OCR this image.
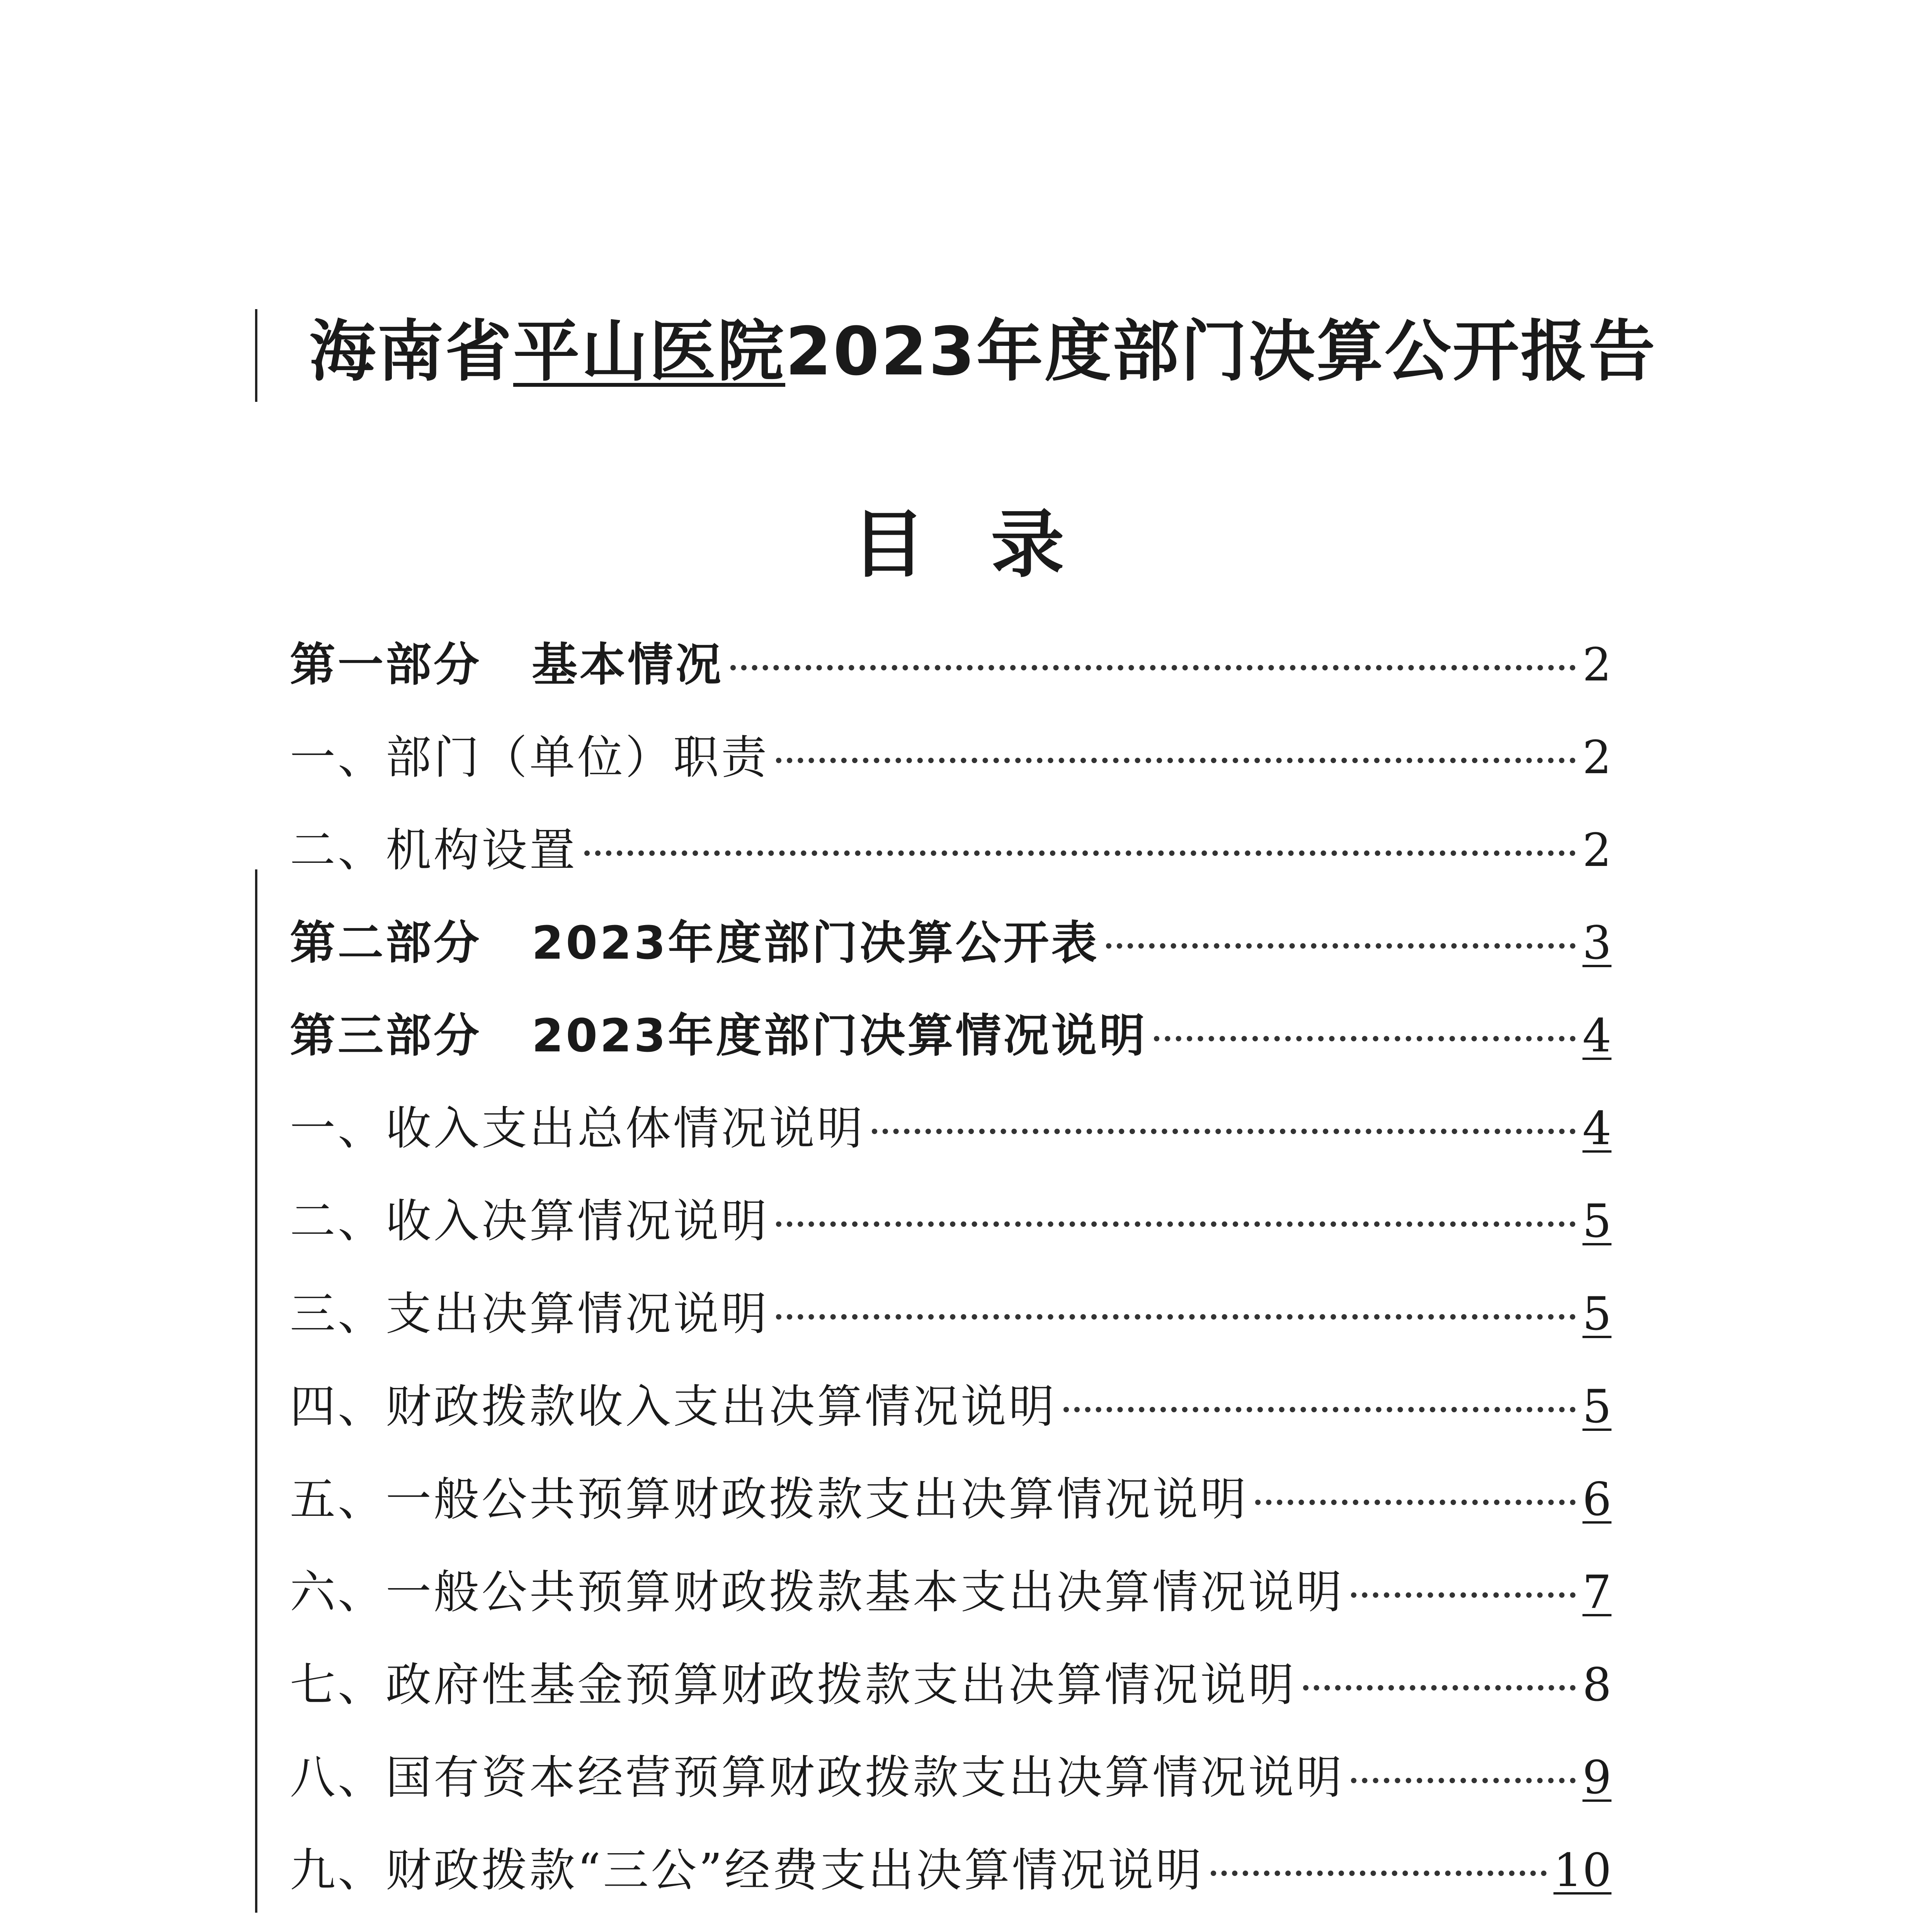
海南省平山医院2023年度部门决算公开报告
目录
第一部分 基本情况	2
一、部门（单位）职责	2
二、机构设置	2
第二部分 2023年度部门决算公开表	3
第三部分 2023年度部门决算情况说明	4
一、收入支出总体情况说明	4
二、收入决算情况说明	5
三、支出决算情况说明	5
四、财政拨款收入支出决算情况说明	5
五、一般公共预算财政拨款支出决算情况说明	6
六、一般公共预算财政拨款基本支出决算情况说明	7
七、政府性基金预算财政拨款支出决算情况说明	8
八、国有资本经营预算财政拨款支出决算情况说明	9
九、财政拨款“三公”经费支出决算情况说明	10
